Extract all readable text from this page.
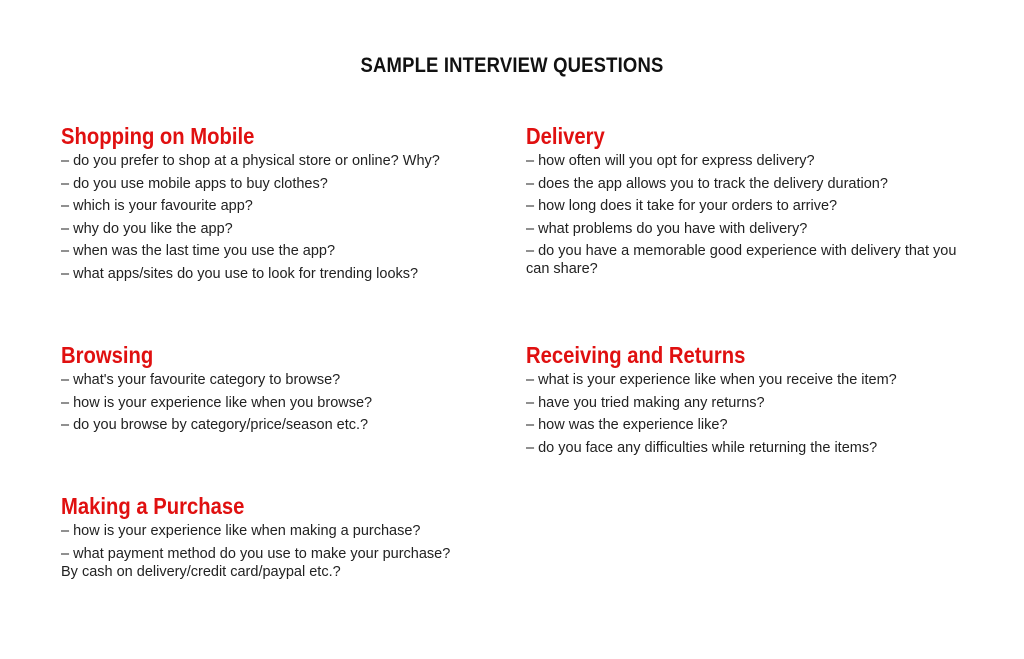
SAMPLE INTERVIEW QUESTIONS
Shopping on Mobile
– do you prefer to shop at a physical store or online? Why?
– do you use mobile apps to buy clothes?
– which is your favourite app?
– why do you like the app?
– when was the last time you use the app?
– what apps/sites do you use to look for trending looks?
Delivery
– how often will you opt for express delivery?
– does the app allows you to track the delivery duration?
– how long does it take for your orders to arrive?
– what problems do you have with delivery?
– do you have a memorable good experience with delivery that you can share?
Browsing
– what's your favourite category to browse?
– how is your experience like when you browse?
– do you browse by category/price/season etc.?
Receiving and Returns
– what is your experience like when you receive the item?
– have you tried making any returns?
– how was the experience like?
– do you face any difficulties while returning the items?
Making a Purchase
– how is your experience like when making a purchase?
– what payment method do you use to make your purchase? By cash on delivery/credit card/paypal etc.?
